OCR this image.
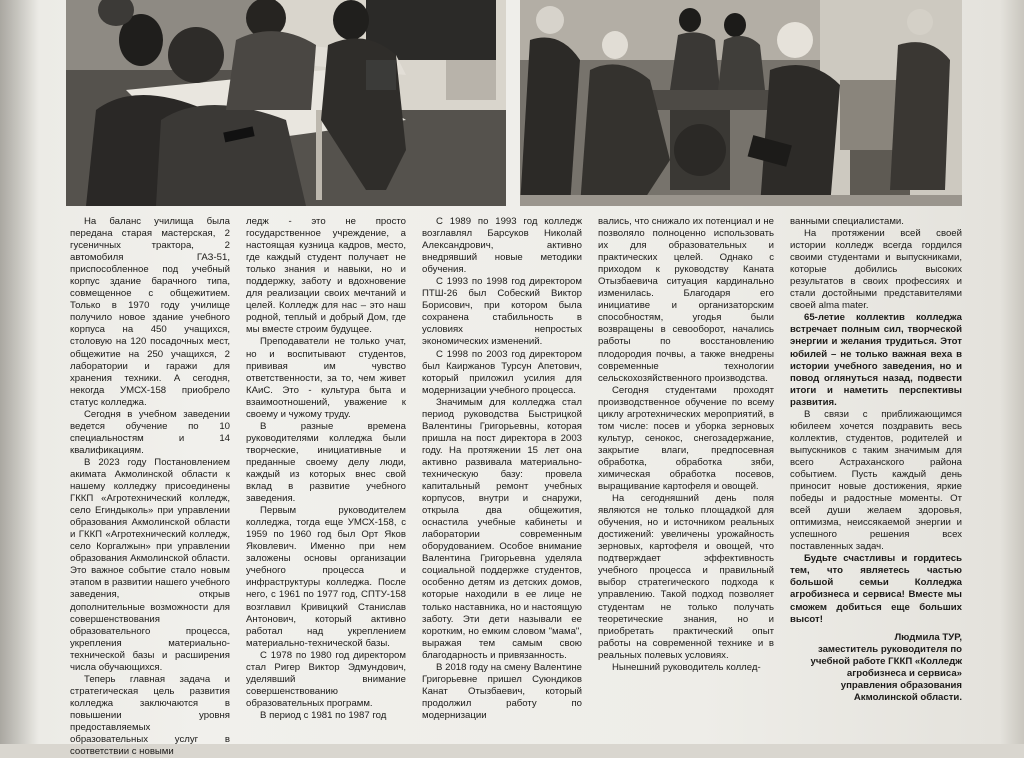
На баланс училища была передана старая мастерская, 2 гусеничных трактора, 2 автомобиля ГАЗ-51, приспособленное под учебный корпус здание барачного типа, совмещенное с общежитием. Только в 1970 году училище получило новое здание учебного корпуса на 450 учащихся, столовую на 120 посадочных мест, общежитие на 250 учащихся, 2 лаборатории и гаражи для хранения техники. А сегодня, некогда УМСХ-158 приобрело статус колледжа.

Сегодня в учебном заведении ведется обучение по 10 специальностям и 14 квалификациям.

В 2023 году Постановлением акимата Акмолинской области к нашему колледжу присоединены ГККП «Агротехнический колледж, село Егиндыколь» при управлении образования Акмолинской области и ГККП «Агротехнический колледж, село Коргалжын» при управлении образования Акмолинской области. Это важное событие стало новым этапом в развитии нашего учебного заведения, открыв дополнительные возможности для совершенствования образовательного процесса, укрепления материально-технической базы и расширения числа обучающихся.

Теперь главная задача и стратегическая цель развития колледжа заключаются в повышении уровня предоставляемых образовательных услуг в соответствии с новыми

ледж - это не просто государственное учреждение, а настоящая кузница кадров, место, где каждый студент получает не только знания и навыки, но и поддержку, заботу и вдохновение для реализации своих мечтаний и целей. Колледж для нас – это наш родной, теплый и добрый Дом, где мы вместе строим будущее.

Преподаватели не только учат, но и воспитывают студентов, прививая им чувство ответственности, за то, чем живет КАиС. Это - культура быта и взаимоотношений, уважение к своему и чужому труду.

В разные времена руководителями колледжа были творческие, инициативные и преданные своему делу люди, каждый из которых внес свой вклад в развитие учебного заведения.

Первым руководителем колледжа, тогда еще УМСХ-158, с 1959 по 1960 год был Орт Яков Яковлевич. Именно при нем заложены основы организации учебного процесса и инфраструктуры колледжа. После него, с 1961 по 1977 год, СПТУ-158 возглавил Кривицкий Станислав Антонович, который активно работал над укреплением материально-технической базы.

С 1978 по 1980 год директором стал Ригер Виктор Эдмундович, уделявший внимание совершенствованию образовательных программ.

В период с 1981 по 1987 год

С 1989 по 1993 год колледж возглавлял Барсуков Николай Александрович, активно внедрявший новые методики обучения.

С 1993 по 1998 год директором ПТШ-26 был Собеский Виктор Борисович, при котором была сохранена стабильность в условиях непростых экономических изменений.

С 1998 по 2003 год директором был Каиржанов Турсун Апетович, который приложил усилия для модернизации учебного процесса.

Значимым для колледжа стал период руководства Быстрицкой Валентины Григорьевны, которая пришла на пост директора в 2003 году. На протяжении 15 лет она активно развивала материально-техническую базу: провела капитальный ремонт учебных корпусов, внутри и снаружи, открыла два общежития, оснастила учебные кабинеты и лаборатории современным оборудованием. Особое внимание Валентина Григорьевна уделяла социальной поддержке студентов, особенно детям из детских домов, которые находили в ее лице не только наставника, но и настоящую заботу. Эти дети называли ее коротким, но емким словом "мама", выражая тем самым свою благодарность и привязанность.

В 2018 году на смену Валентине Григорьевне пришел Суюндиков Канат Отызбаевич, который продолжил работу по модернизации

вались, что снижало их потенциал и не позволяло полноценно использовать их для образовательных и практических целей. Однако с приходом к руководству Каната Отызбаевича ситуация кардинально изменилась. Благодаря его инициативе и организаторским способностям, угодья были возвращены в севооборот, начались работы по восстановлению плодородия почвы, а также внедрены современные технологии сельскохозяйственного производства.

Сегодня студентами проходят производственное обучение по всему циклу агротехнических мероприятий, в том числе: посев и уборка зерновых культур, сенокос, снегозадержание, закрытие влаги, предпосевная обработка, обработка зяби, химическая обработка посевов, выращивание картофеля и овощей.

На сегодняшний день поля являются не только площадкой для обучения, но и источником реальных достижений: увеличены урожайность зерновых, картофеля и овощей, что подтверждает эффективность учебного процесса и правильный выбор стратегического подхода к управлению. Такой подход позволяет студентам не только получать теоретические знания, но и приобретать практический опыт работы на современной технике и в реальных полевых условиях.

Нынешний руководитель коллед-

ванными специалистами.

На протяжении всей своей истории колледж всегда гордился своими студентами и выпускниками, которые добились высоких результатов в своих профессиях и стали достойными представителями своей alma mater.

65-летие коллектив колледжа встречает полным сил, творческой энергии и желания трудиться. Этот юбилей – не только важная веха в истории учебного заведения, но и повод оглянуться назад, подвести итоги и наметить перспективы развития.

В связи с приближающимся юбилеем хочется поздравить весь коллектив, студентов, родителей и выпускников с таким значимым для всего Астраханского района событием. Пусть каждый день приносит новые достижения, яркие победы и радостные моменты. От всей души желаем здоровья, оптимизма, неиссякаемой энергии и успешного решения всех поставленных задач.

Будьте счастливы и гордитесь тем, что являетесь частью большой семьи Колледжа агробизнеса и сервиса! Вместе мы сможем добиться еще больших высот!

Людмила ТУР,

заместитель руководителя по учебной работе ГККП «Колледж агробизнеса и сервиса» управления образования Акмолинской области.
